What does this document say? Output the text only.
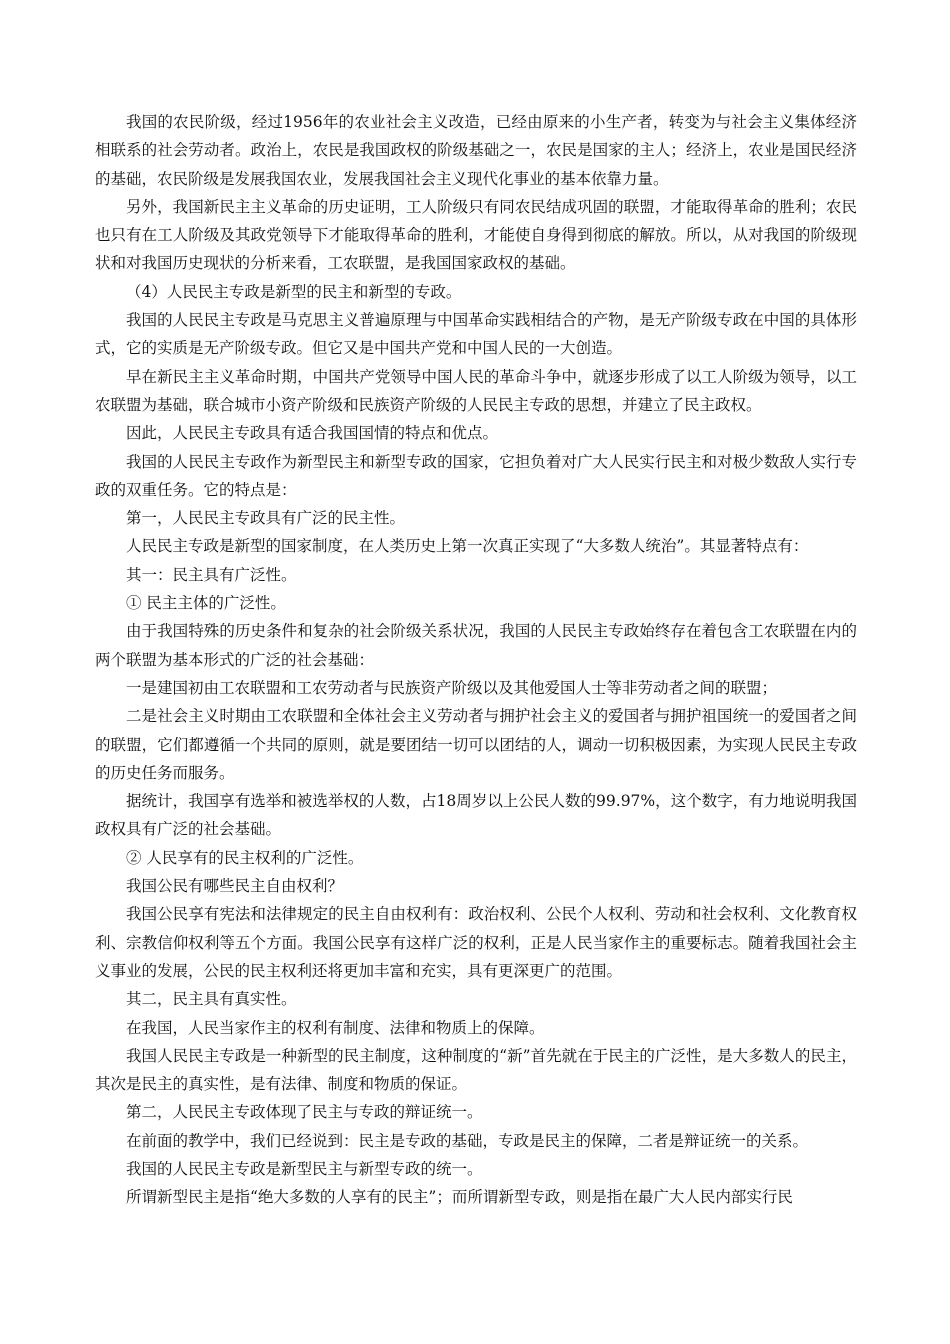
我国的农民阶级，经过1956年的农业社会主义改造，已经由原来的小生产者，转变为与社会主义集体经济相联系的社会劳动者。政治上，农民是我国政权的阶级基础之一，农民是国家的主人；经济上，农业是国民经济的基础，农民阶级是发展我国农业，发展我国社会主义现代化事业的基本依靠力量。

另外，我国新民主主义革命的历史证明，工人阶级只有同农民结成巩固的联盟，才能取得革命的胜利；农民也只有在工人阶级及其政党领导下才能取得革命的胜利，才能使自身得到彻底的解放。所以，从对我国的阶级现状和对我国历史现状的分析来看，工农联盟，是我国国家政权的基础。

（4）人民民主专政是新型的民主和新型的专政。

我国的人民民主专政是马克思主义普遍原理与中国革命实践相结合的产物，是无产阶级专政在中国的具体形式，它的实质是无产阶级专政。但它又是中国共产党和中国人民的一大创造。

早在新民主主义革命时期，中国共产党领导中国人民的革命斗争中，就逐步形成了以工人阶级为领导，以工农联盟为基础，联合城市小资产阶级和民族资产阶级的人民民主专政的思想，并建立了民主政权。

因此，人民民主专政具有适合我国国情的特点和优点。

我国的人民民主专政作为新型民主和新型专政的国家，它担负着对广大人民实行民主和对极少数敌人实行专政的双重任务。它的特点是：

第一，人民民主专政具有广泛的民主性。

人民民主专政是新型的国家制度，在人类历史上第一次真正实现了“大多数人统治”。其显著特点有：

其一：民主具有广泛性。

① 民主主体的广泛性。

由于我国特殊的历史条件和复杂的社会阶级关系状况，我国的人民民主专政始终存在着包含工农联盟在内的两个联盟为基本形式的广泛的社会基础：

一是建国初由工农联盟和工农劳动者与民族资产阶级以及其他爱国人士等非劳动者之间的联盟；

二是社会主义时期由工农联盟和全体社会主义劳动者与拥护社会主义的爱国者与拥护祖国统一的爱国者之间的联盟，它们都遵循一个共同的原则，就是要团结一切可以团结的人，调动一切积极因素，为实现人民民主专政的历史任务而服务。

据统计，我国享有选举和被选举权的人数，占18周岁以上公民人数的99.97%，这个数字，有力地说明我国政权具有广泛的社会基础。

② 人民享有的民主权利的广泛性。

我国公民有哪些民主自由权利？

我国公民享有宪法和法律规定的民主自由权利有：政治权利、公民个人权利、劳动和社会权利、文化教育权利、宗教信仰权利等五个方面。我国公民享有这样广泛的权利，正是人民当家作主的重要标志。随着我国社会主义事业的发展，公民的民主权利还将更加丰富和充实，具有更深更广的范围。

其二，民主具有真实性。

在我国，人民当家作主的权利有制度、法律和物质上的保障。

我国人民民主专政是一种新型的民主制度，这种制度的“新”首先就在于民主的广泛性，是大多数人的民主，其次是民主的真实性，是有法律、制度和物质的保证。

第二，人民民主专政体现了民主与专政的辩证统一。

在前面的教学中，我们已经说到：民主是专政的基础，专政是民主的保障，二者是辩证统一的关系。

我国的人民民主专政是新型民主与新型专政的统一。

所谓新型民主是指“绝大多数的人享有的民主”；而所谓新型专政，则是指在最广大人民内部实行民
